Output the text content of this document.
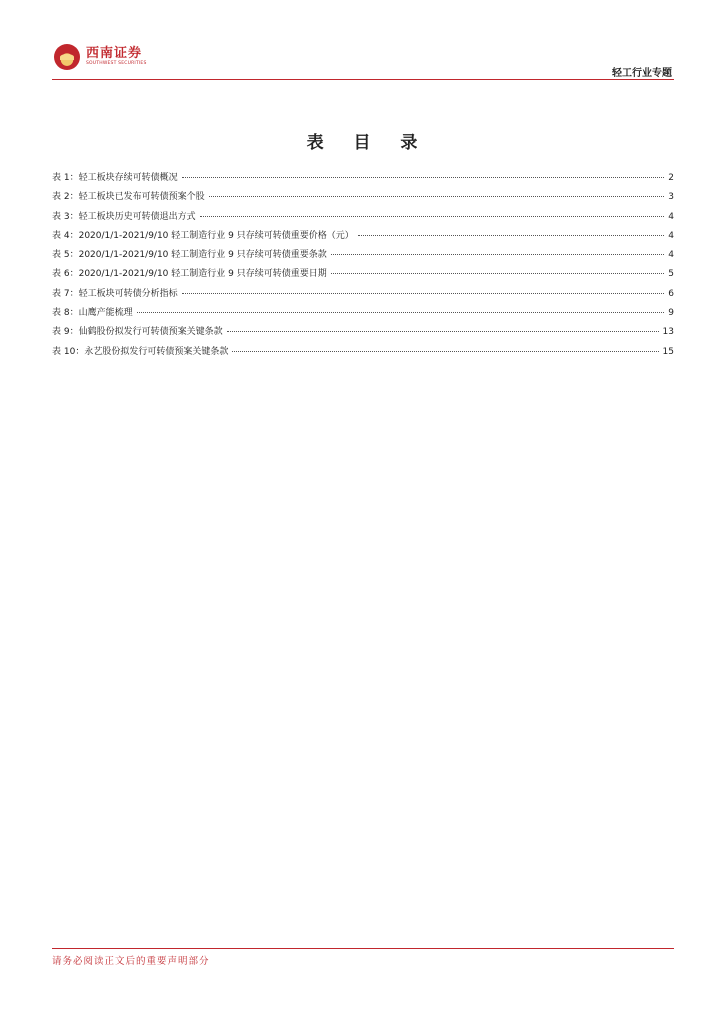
西南证券
SOUTHWEST SECURITIES
轻工行业专题
表 目 录
表 1：轻工板块存续可转债概况	2
表 2：轻工板块已发布可转债预案个股	3
表 3：轻工板块历史可转债退出方式	4
表 4：2020/1/1-2021/9/10 轻工制造行业 9 只存续可转债重要价格（元）	4
表 5：2020/1/1-2021/9/10 轻工制造行业 9 只存续可转债重要条款	4
表 6：2020/1/1-2021/9/10 轻工制造行业 9 只存续可转债重要日期	5
表 7：轻工板块可转债分析指标	6
表 8：山鹰产能梳理	9
表 9：仙鹤股份拟发行可转债预案关键条款	13
表 10：永艺股份拟发行可转债预案关键条款	15
请务必阅读正文后的重要声明部分
